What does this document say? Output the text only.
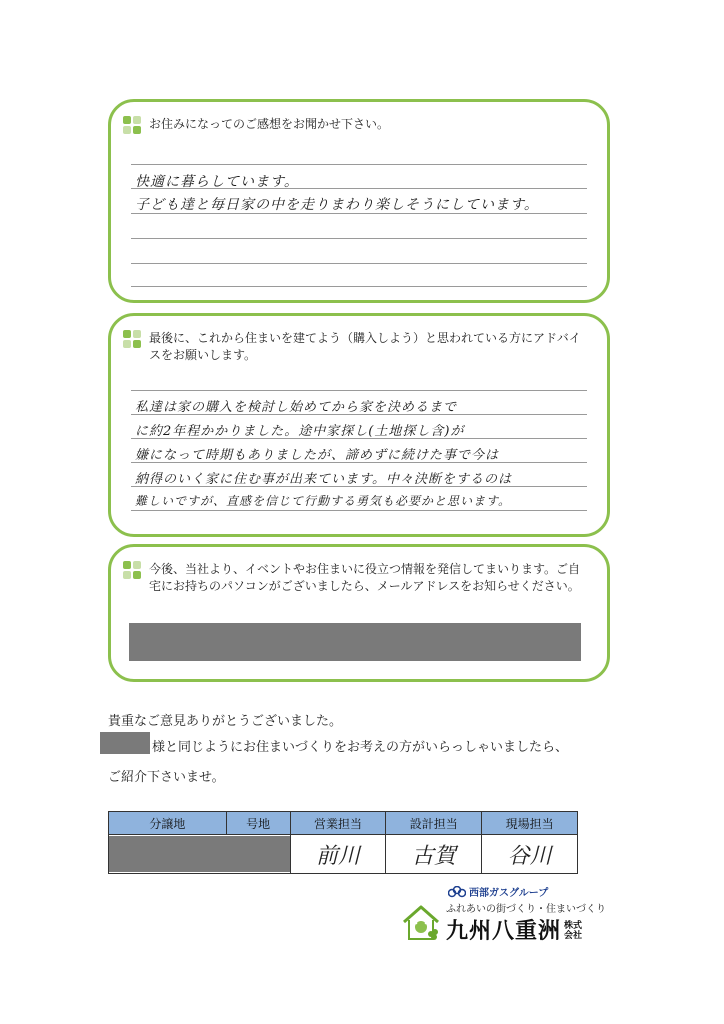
お住みになってのご感想をお聞かせ下さい。
快適に暮らしています。
子ども達と毎日家の中を走りまわり楽しそうにしています。
最後に、これから住まいを建てよう（購入しよう）と思われている方にアドバイスをお願いします。
私達は家の購入を検討し始めてから家を決めるまで
に約2年程かかりました。途中家探し(土地探し含)が
嫌になって時期もありましたが、諦めずに続けた事で今は
納得のいく家に住む事が出来ています。中々決断をするのは
難しいですが、直感を信じて行動する勇気も必要かと思います。
今後、当社より、イベントやお住まいに役立つ情報を発信してまいります。ご自宅にお持ちのパソコンがございましたら、メールアドレスをお知らせください。
貴重なご意見ありがとうございました。
様と同じようにお住まいづくりをお考えの方がいらっしゃいましたら、
ご紹介下さいませ。
分譲地	号地	営業担当	設計担当	現場担当

		前川	古賀	谷川
西部ガスグループ
ふれあいの街づくり・住まいづくり
九州八重洲 株式会社
